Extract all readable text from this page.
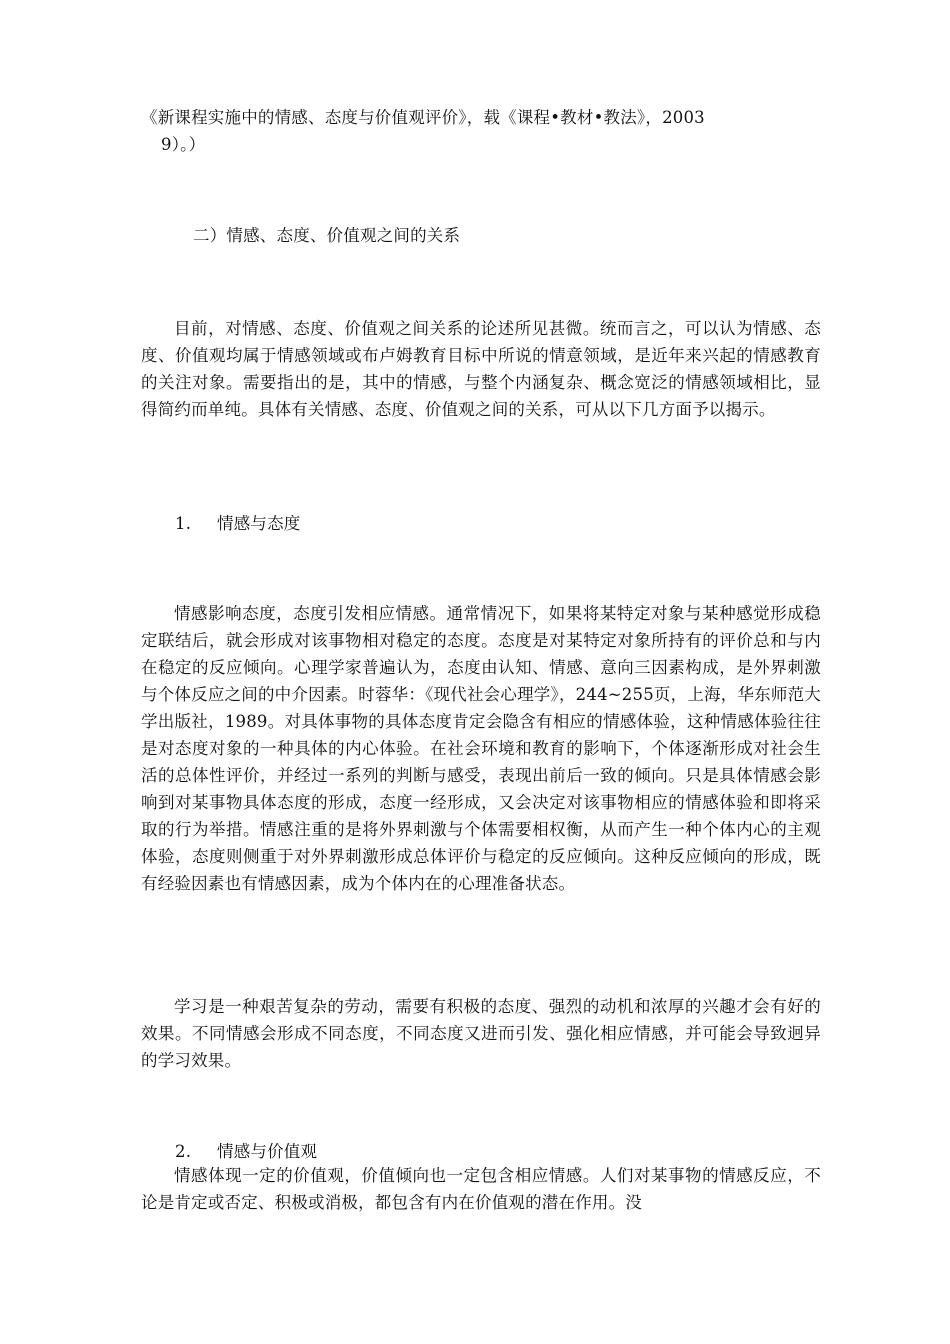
《新课程实施中的情感、态度与价值观评价》，载《课程•教材•教法》，2003
9）。）
二）情感、态度、价值观之间的关系
目前，对情感、态度、价值观之间关系的论述所见甚微。统而言之，可以认为情感、态度、价值观均属于情感领域或布卢姆教育目标中所说的情意领域，是近年来兴起的情感教育的关注对象。需要指出的是，其中的情感，与整个内涵复杂、概念宽泛的情感领域相比，显得简约而单纯。具体有关情感、态度、价值观之间的关系，可从以下几方面予以揭示。
1. 情感与态度
情感影响态度，态度引发相应情感。通常情况下，如果将某特定对象与某种感觉形成稳定联结后，就会形成对该事物相对稳定的态度。态度是对某特定对象所持有的评价总和与内在稳定的反应倾向。心理学家普遍认为，态度由认知、情感、意向三因素构成，是外界刺激与个体反应之间的中介因素。时蓉华：《现代社会心理学》，244~255页，上海，华东师范大学出版社，1989。对具体事物的具体态度肯定会隐含有相应的情感体验，这种情感体验往往是对态度对象的一种具体的内心体验。在社会环境和教育的影响下，个体逐渐形成对社会生活的总体性评价，并经过一系列的判断与感受，表现出前后一致的倾向。只是具体情感会影响到对某事物具体态度的形成，态度一经形成，又会决定对该事物相应的情感体验和即将采取的行为举措。情感注重的是将外界刺激与个体需要相权衡，从而产生一种个体内心的主观体验，态度则侧重于对外界刺激形成总体评价与稳定的反应倾向。这种反应倾向的形成，既有经验因素也有情感因素，成为个体内在的心理准备状态。
学习是一种艰苦复杂的劳动，需要有积极的态度、强烈的动机和浓厚的兴趣才会有好的效果。不同情感会形成不同态度，不同态度又进而引发、强化相应情感，并可能会导致迥异的学习效果。
2. 情感与价值观
情感体现一定的价值观，价值倾向也一定包含相应情感。人们对某事物的情感反应，不论是肯定或否定、积极或消极，都包含有内在价值观的潜在作用。没
